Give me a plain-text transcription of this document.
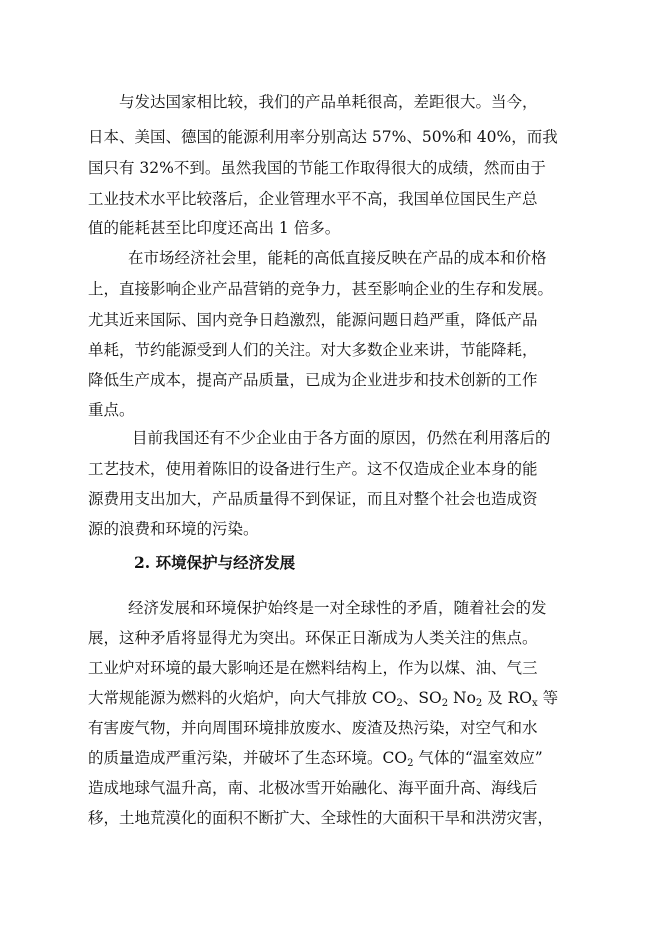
与发达国家相比较，我们的产品单耗很高，差距很大。当今，
日本、美国、德国的能源利用率分别高达 57%、50%和 40%，而我
国只有 32%不到。虽然我国的节能工作取得很大的成绩，然而由于
工业技术水平比较落后，企业管理水平不高，我国单位国民生产总
值的能耗甚至比印度还高出 1 倍多。
在市场经济社会里，能耗的高低直接反映在产品的成本和价格
上，直接影响企业产品营销的竞争力，甚至影响企业的生存和发展。
尤其近来国际、国内竞争日趋激烈，能源问题日趋严重，降低产品
单耗，节约能源受到人们的关注。对大多数企业来讲，节能降耗，
降低生产成本，提高产品质量，已成为企业进步和技术创新的工作
重点。
目前我国还有不少企业由于各方面的原因，仍然在利用落后的
工艺技术，使用着陈旧的设备进行生产。这不仅造成企业本身的能
源费用支出加大，产品质量得不到保证，而且对整个社会也造成资
源的浪费和环境的污染。
2. 环境保护与经济发展
经济发展和环境保护始终是一对全球性的矛盾，随着社会的发
展，这种矛盾将显得尤为突出。环保正日渐成为人类关注的焦点。
工业炉对环境的最大影响还是在燃料结构上，作为以煤、油、气三
大常规能源为燃料的火焰炉，向大气排放 $CO_2$、$SO_2$ $No_2$ 及 $RO_x$ 等
有害废气物，并向周围环境排放废水、废渣及热污染，对空气和水
的质量造成严重污染，并破坏了生态环境。$CO_2$ 气体的“温室效应”
造成地球气温升高，南、北极冰雪开始融化、海平面升高、海线后
移，土地荒漠化的面积不断扩大、全球性的大面积干旱和洪涝灾害，
